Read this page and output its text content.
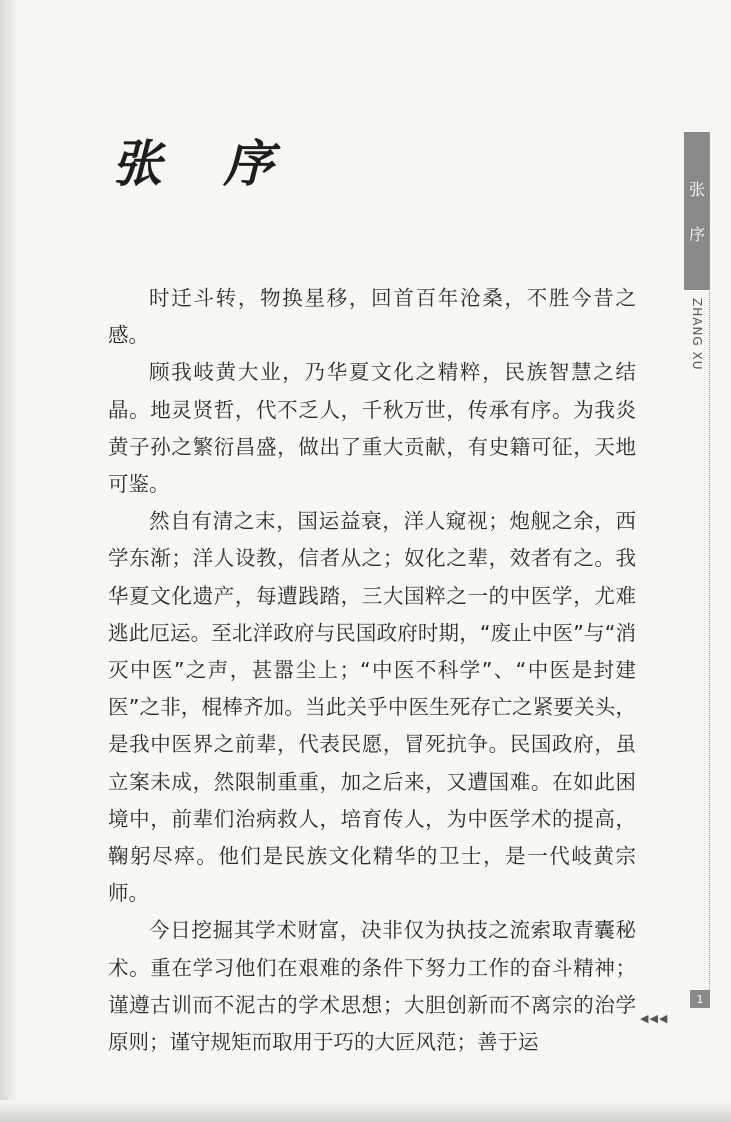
张 序

时迁斗转，物换星移，回首百年沧桑，不胜今昔之感。

顾我岐黄大业，乃华夏文化之精粹，民族智慧之结晶。地灵贤哲，代不乏人，千秋万世，传承有序。为我炎黄子孙之繁衍昌盛，做出了重大贡献，有史籍可征，天地可鉴。

然自有清之末，国运益衰，洋人窥视；炮舰之余，西学东渐；洋人设教，信者从之；奴化之辈，效者有之。我华夏文化遗产，每遭践踏，三大国粹之一的中医学，尤难逃此厄运。至北洋政府与民国政府时期，“废止中医”与“消灭中医”之声，甚嚣尘上；“中医不科学”、“中医是封建医”之非，棍棒齐加。当此关乎中医生死存亡之紧要关头，是我中医界之前辈，代表民愿，冒死抗争。民国政府，虽立案未成，然限制重重，加之后来，又遭国难。在如此困境中，前辈们治病救人，培育传人，为中医学术的提高，鞠躬尽瘁。他们是民族文化精华的卫士，是一代岐黄宗师。

今日挖掘其学术财富，决非仅为执技之流索取青囊秘术。重在学习他们在艰难的条件下努力工作的奋斗精神；谨遵古训而不泥古的学术思想；大胆创新而不离宗的治学原则；谨守规矩而取用于巧的大匠风范；善于运

张
序
ZHANG XU
1
◀◀◀
